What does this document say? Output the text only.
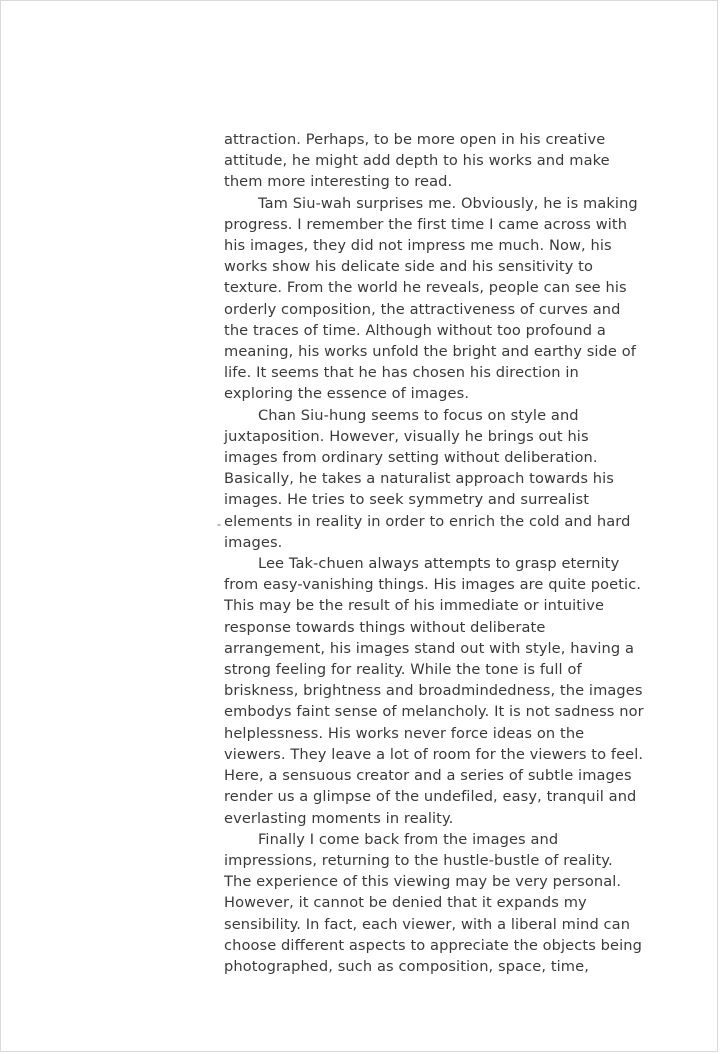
attraction. Perhaps, to be more open in his creative attitude, he might add depth to his works and make them more interesting to read.

Tam Siu-wah surprises me. Obviously, he is making progress. I remember the first time I came across with his images, they did not impress me much. Now, his works show his delicate side and his sensitivity to texture. From the world he reveals, people can see his orderly composition, the attractiveness of curves and the traces of time. Although without too profound a meaning, his works unfold the bright and earthy side of life. It seems that he has chosen his direction in exploring the essence of images.

Chan Siu-hung seems to focus on style and juxtaposition. However, visually he brings out his images from ordinary setting without deliberation. Basically, he takes a naturalist approach towards his images. He tries to seek symmetry and surrealist elements in reality in order to enrich the cold and hard images.

Lee Tak-chuen always attempts to grasp eternity from easy-vanishing things. His images are quite poetic. This may be the result of his immediate or intuitive response towards things without deliberate arrangement, his images stand out with style, having a strong feeling for reality. While the tone is full of briskness, brightness and broadmindedness, the images embodys faint sense of melancholy. It is not sadness nor helplessness. His works never force ideas on the viewers. They leave a lot of room for the viewers to feel. Here, a sensuous creator and a series of subtle images render us a glimpse of the undefiled, easy, tranquil and everlasting moments in reality.

Finally I come back from the images and impressions, returning to the hustle-bustle of reality. The experience of this viewing may be very personal. However, it cannot be denied that it expands my sensibility. In fact, each viewer, with a liberal mind can choose different aspects to appreciate the objects being photographed, such as composition, space, time,
